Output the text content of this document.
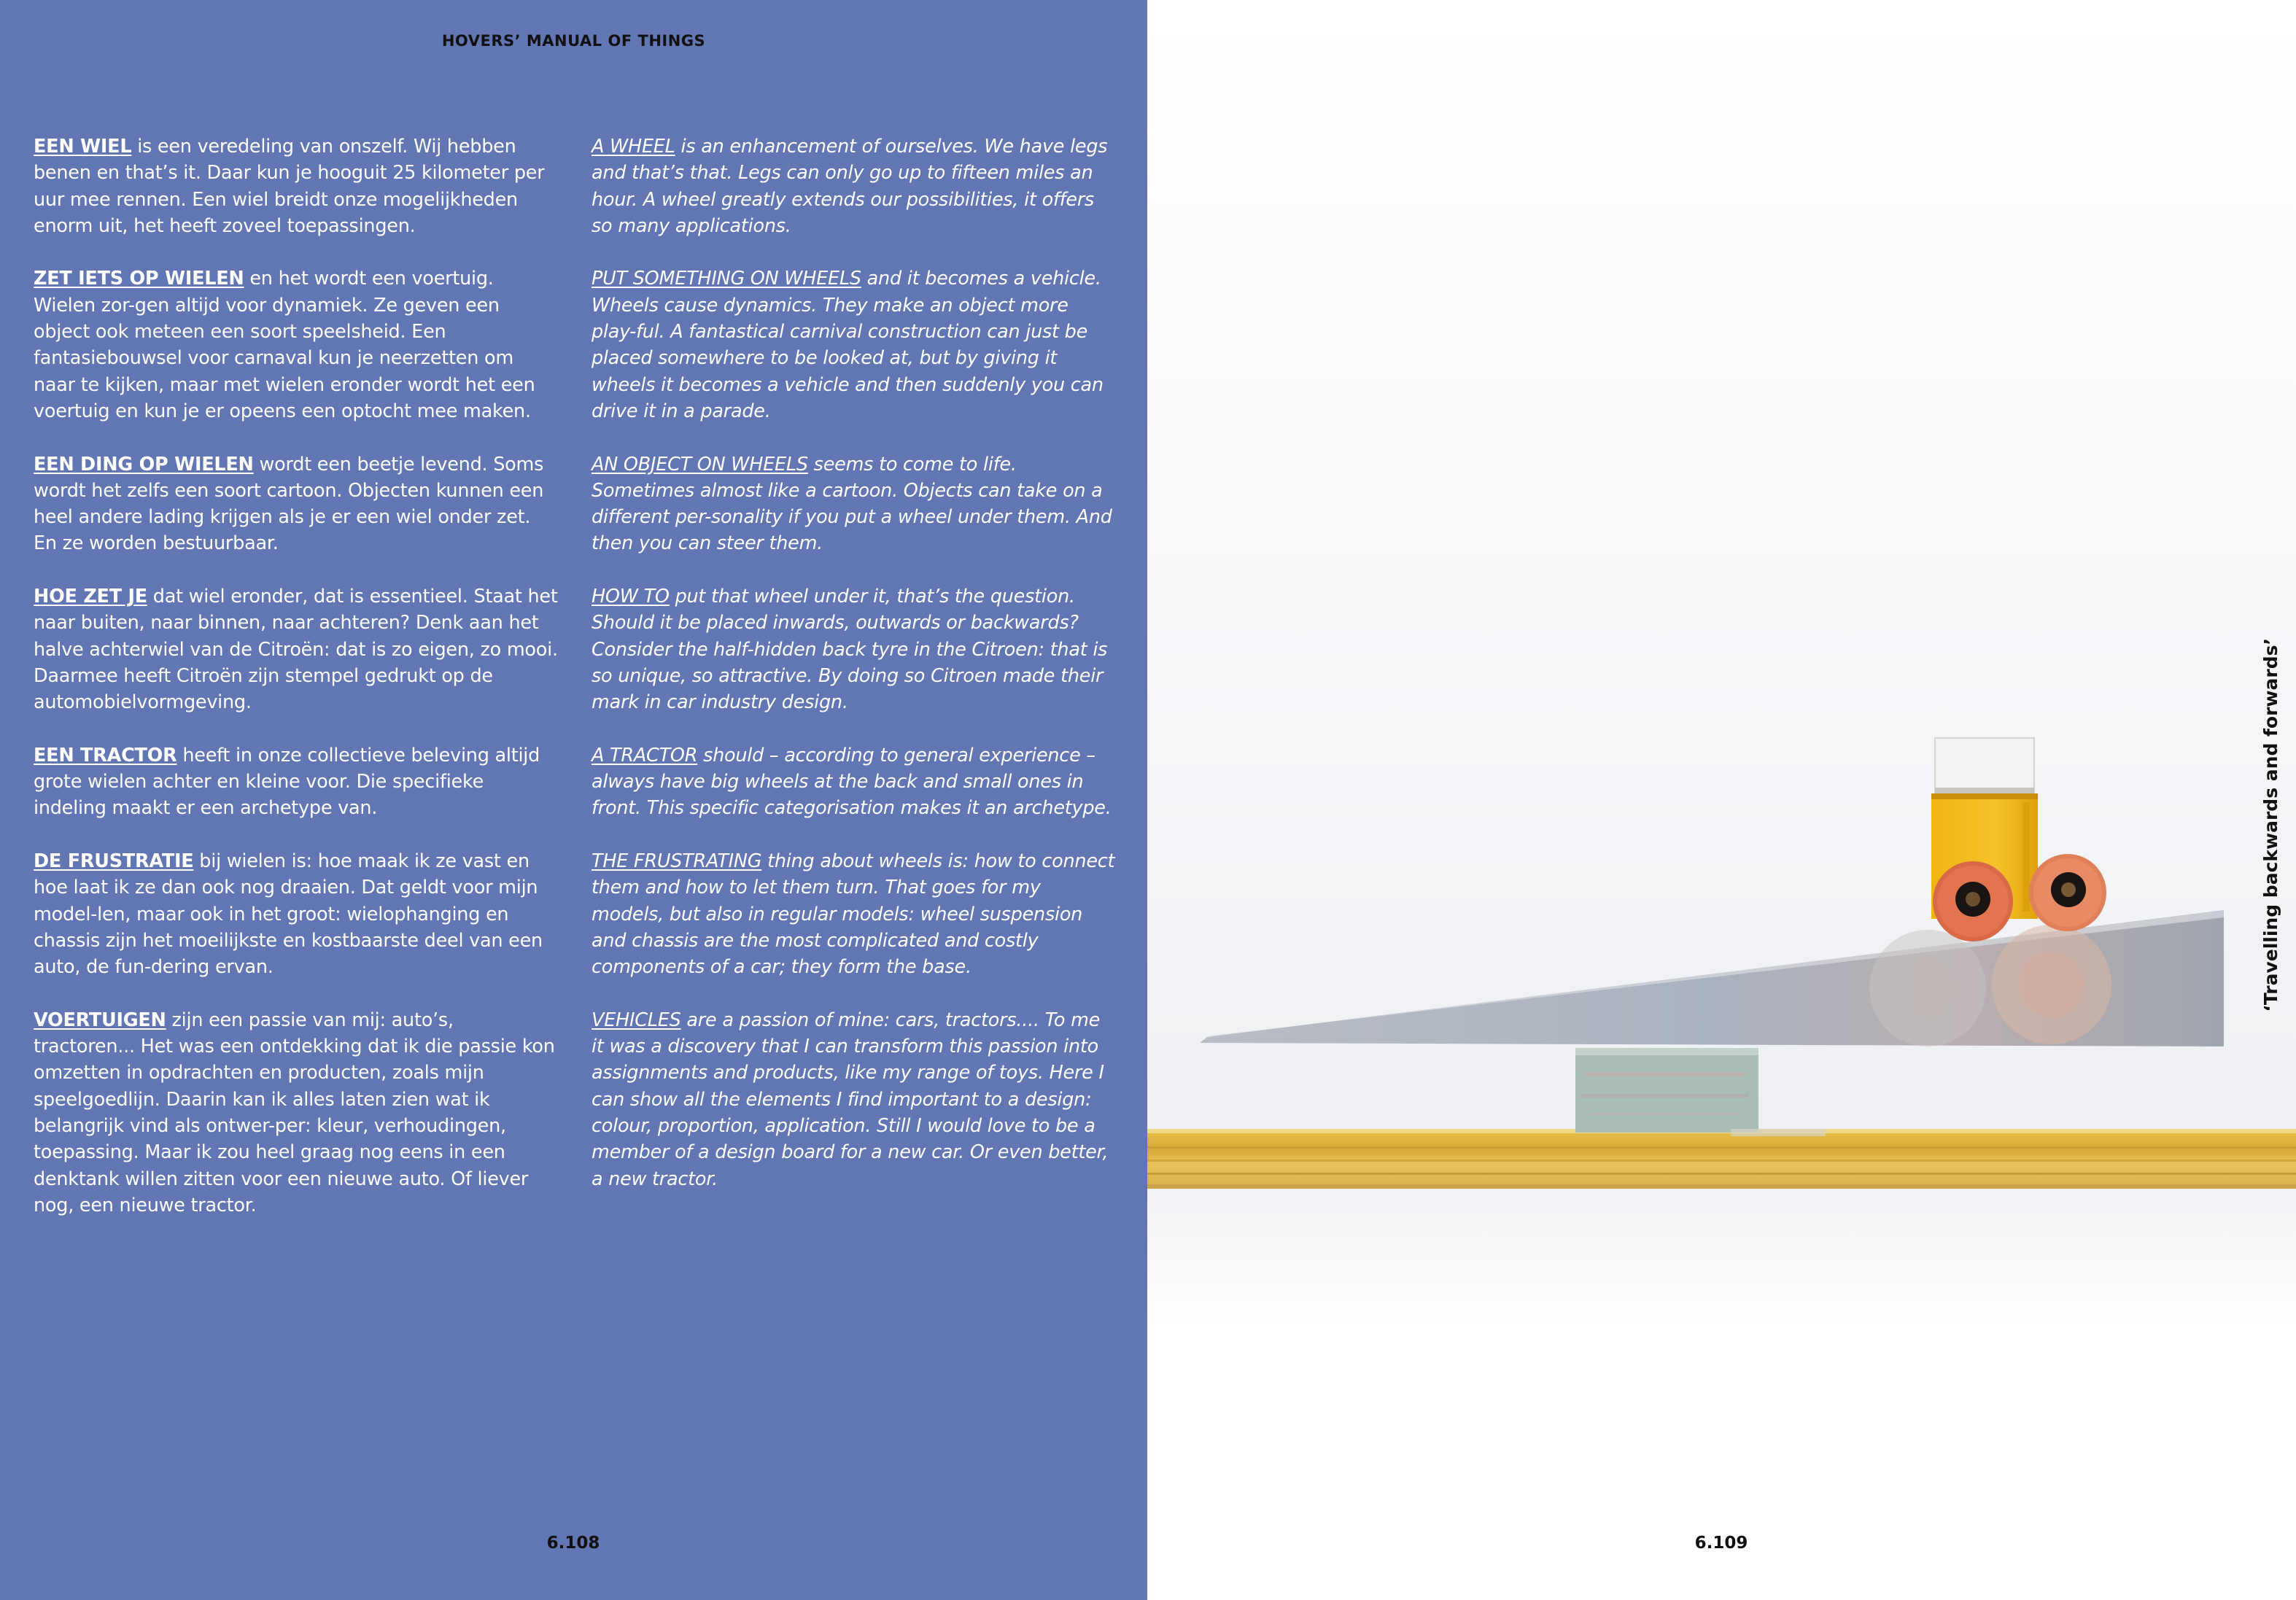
HOVERS’ MANUAL OF THINGS

EEN WIEL is een veredeling van onszelf. Wij hebben benen en that’s it. Daar kun je hooguit 25 kilometer per uur mee rennen. Een wiel breidt onze mogelijkheden enorm uit, het heeft zoveel toepassingen.

ZET IETS OP WIELEN en het wordt een voertuig. Wielen zor-gen altijd voor dynamiek. Ze geven een object ook meteen een soort speelsheid. Een fantasiebouwsel voor carnaval kun je neerzetten om naar te kijken, maar met wielen eronder wordt het een voertuig en kun je er opeens een optocht mee maken.

EEN DING OP WIELEN wordt een beetje levend. Soms wordt het zelfs een soort cartoon. Objecten kunnen een heel andere lading krijgen als je er een wiel onder zet. En ze worden bestuurbaar.

HOE ZET JE dat wiel eronder, dat is essentieel. Staat het naar buiten, naar binnen, naar achteren? Denk aan het halve achterwiel van de Citroën: dat is zo eigen, zo mooi. Daarmee heeft Citroën zijn stempel gedrukt op de automobielvormgeving.

EEN TRACTOR heeft in onze collectieve beleving altijd grote wielen achter en kleine voor. Die specifieke indeling maakt er een archetype van.

DE FRUSTRATIE bij wielen is: hoe maak ik ze vast en hoe laat ik ze dan ook nog draaien. Dat geldt voor mijn model-len, maar ook in het groot: wielophanging en chassis zijn het moeilijkste en kostbaarste deel van een auto, de fun-dering ervan.

VOERTUIGEN zijn een passie van mij: auto’s, tractoren... Het was een ontdekking dat ik die passie kon omzetten in opdrachten en producten, zoals mijn speelgoedlijn. Daarin kan ik alles laten zien wat ik belangrijk vind als ontwer-per: kleur, verhoudingen, toepassing. Maar ik zou heel graag nog eens in een denktank willen zitten voor een nieuwe auto. Of liever nog, een nieuwe tractor.

A WHEEL is an enhancement of ourselves. We have legs and that’s that. Legs can only go up to fifteen miles an hour. A wheel greatly extends our possibilities, it offers so many applications.

PUT SOMETHING ON WHEELS and it becomes a vehicle. Wheels cause dynamics. They make an object more play-ful. A fantastical carnival construction can just be placed somewhere to be looked at, but by giving it wheels it becomes a vehicle and then suddenly you can drive it in a parade.

AN OBJECT ON WHEELS seems to come to life. Sometimes almost like a cartoon. Objects can take on a different per-sonality if you put a wheel under them. And then you can steer them.

HOW TO put that wheel under it, that’s the question. Should it be placed inwards, outwards or backwards? Consider the half-hidden back tyre in the Citroen: that is so unique, so attractive. By doing so Citroen made their mark in car industry design.

A TRACTOR should – according to general experience – always have big wheels at the back and small ones in front. This specific categorisation makes it an archetype.

THE FRUSTRATING thing about wheels is: how to connect them and how to let them turn. That goes for my models, but also in regular models: wheel suspension and chassis are the most complicated and costly components of a car; they form the base.

VEHICLES are a passion of mine: cars, tractors.... To me it was a discovery that I can transform this passion into assignments and products, like my range of toys. Here I can show all the elements I find important to a design: colour, proportion, application. Still I would love to be a member of a design board for a new car. Or even better, a new tractor.

6.108	6.109
‘Travelling backwards and forwards’
